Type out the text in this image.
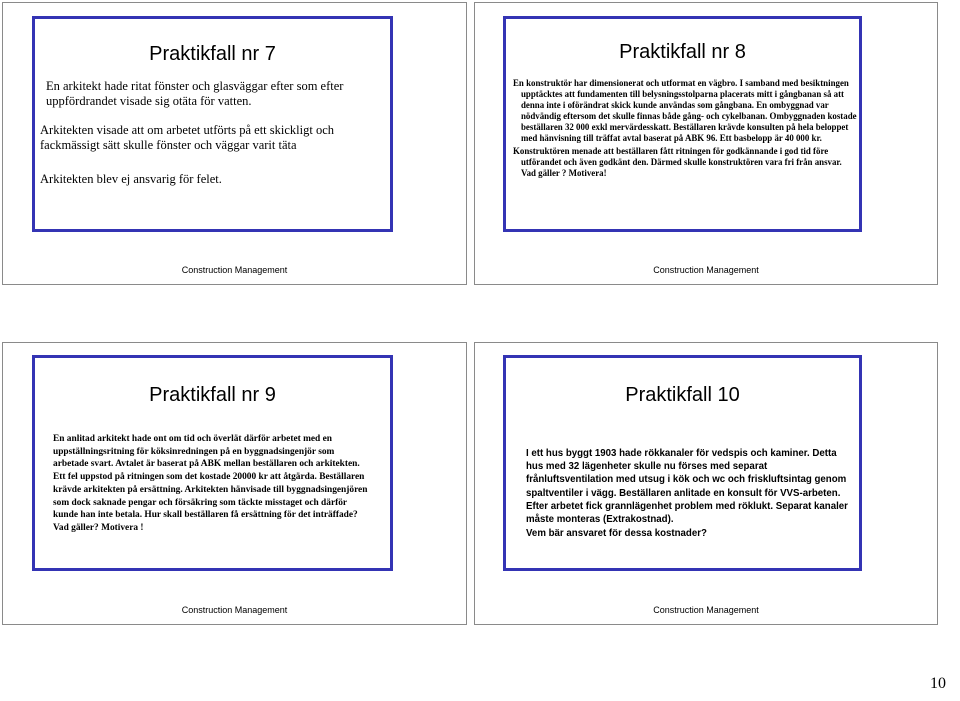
Praktikfall nr 7

En arkitekt hade ritat fönster och glasväggar efter som efter uppfördrandet visade sig otäta för vatten.

Arkitekten visade att om arbetet utförts på ett skickligt och fackmässigt sätt skulle fönster och väggar varit täta

Arkitekten blev ej ansvarig för felet.

Construction Management
Praktikfall nr 8

En konstruktör har dimensionerat och utformat en vägbro. I samband med besiktningen upptäcktes att fundamenten till belysningsstolparna placerats mitt i gångbanan så att denna inte i oförändrat skick kunde användas som gångbana. En ombyggnad var nödvändig eftersom det skulle finnas både gång- och cykelbanan. Ombyggnaden kostade beställaren 32 000 exkl mervärdesskatt. Beställaren krävde konsulten på hela beloppet med hänvisning till träffat avtal baserat på ABK 96. Ett basbelopp är 40 000 kr.

Konstruktören menade att beställaren fått ritningen för godkännande i god tid före utförandet och även godkänt den. Därmed skulle konstruktören vara fri från ansvar. Vad gäller ? Motivera!

Construction Management
Praktikfall nr 9

En anlitad arkitekt hade ont om tid och överlät därför arbetet med en uppställningsritning för köksinredningen på en byggnadsingenjör som arbetade svart. Avtalet är baserat på ABK mellan beställaren och arkitekten. Ett fel uppstod på ritningen som det kostade 20000 kr att åtgärda. Beställaren krävde arkitekten på ersättning. Arkitekten hänvisade till byggnadsingenjören som dock saknade pengar och försäkring som täckte misstaget och därför kunde han inte betala. Hur skall beställaren få ersättning för det inträffade? Vad gäller? Motivera !

Construction Management
Praktikfall 10

I ett hus byggt 1903 hade rökkanaler för vedspis och kaminer. Detta hus med 32 lägenheter skulle nu förses med separat frånluftsventilation med utsug i kök och wc och friskluftsintag genom spaltventiler i vägg. Beställaren anlitade en konsult för VVS-arbeten. Efter arbetet fick grannlägenhet problem med röklukt. Separat kanaler måste monteras (Extrakostnad).

Vem bär ansvaret för dessa kostnader?

Construction Management
10
